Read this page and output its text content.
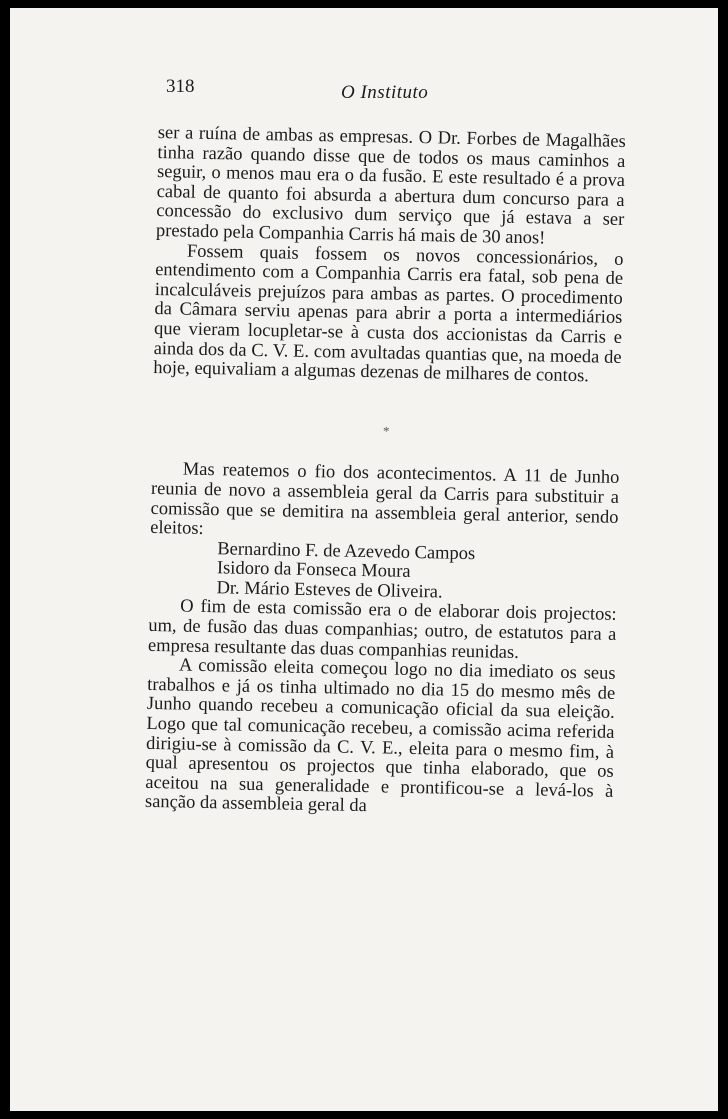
318	O Instituto

ser a ruína de ambas as empresas. O Dr. Forbes de Magalhães tinha razão quando disse que de todos os maus caminhos a seguir, o menos mau era o da fusão. E este resultado é a prova cabal de quanto foi absurda a abertura dum concurso para a concessão do exclusivo dum serviço que já estava a ser prestado pela Companhia Carris há mais de 30 anos!

Fossem quais fossem os novos concessionários, o entendimento com a Companhia Carris era fatal, sob pena de incalculáveis prejuízos para ambas as partes. O procedimento da Câmara serviu apenas para abrir a porta a intermediários que vieram locupletar-se à custa dos accionistas da Carris e ainda dos da C. V. E. com avultadas quantias que, na moeda de hoje, equivaliam a algumas dezenas de milhares de contos.

*

Mas reatemos o fio dos acontecimentos. A 11 de Junho reunia de novo a assembleia geral da Carris para substituir a comissão que se demitira na assembleia geral anterior, sendo eleitos:

Bernardino F. de Azevedo Campos

Isidoro da Fonseca Moura

Dr. Mário Esteves de Oliveira.

O fim de esta comissão era o de elaborar dois projectos: um, de fusão das duas companhias; outro, de estatutos para a empresa resultante das duas companhias reunidas.

A comissão eleita começou logo no dia imediato os seus trabalhos e já os tinha ultimado no dia 15 do mesmo mês de Junho quando recebeu a comunicação oficial da sua eleição. Logo que tal comunicação recebeu, a comissão acima referida dirigiu-se à comissão da C. V. E., eleita para o mesmo fim, à qual apresentou os projectos que tinha elaborado, que os aceitou na sua generalidade e prontificou-se a levá-los à sanção da assembleia geral da
